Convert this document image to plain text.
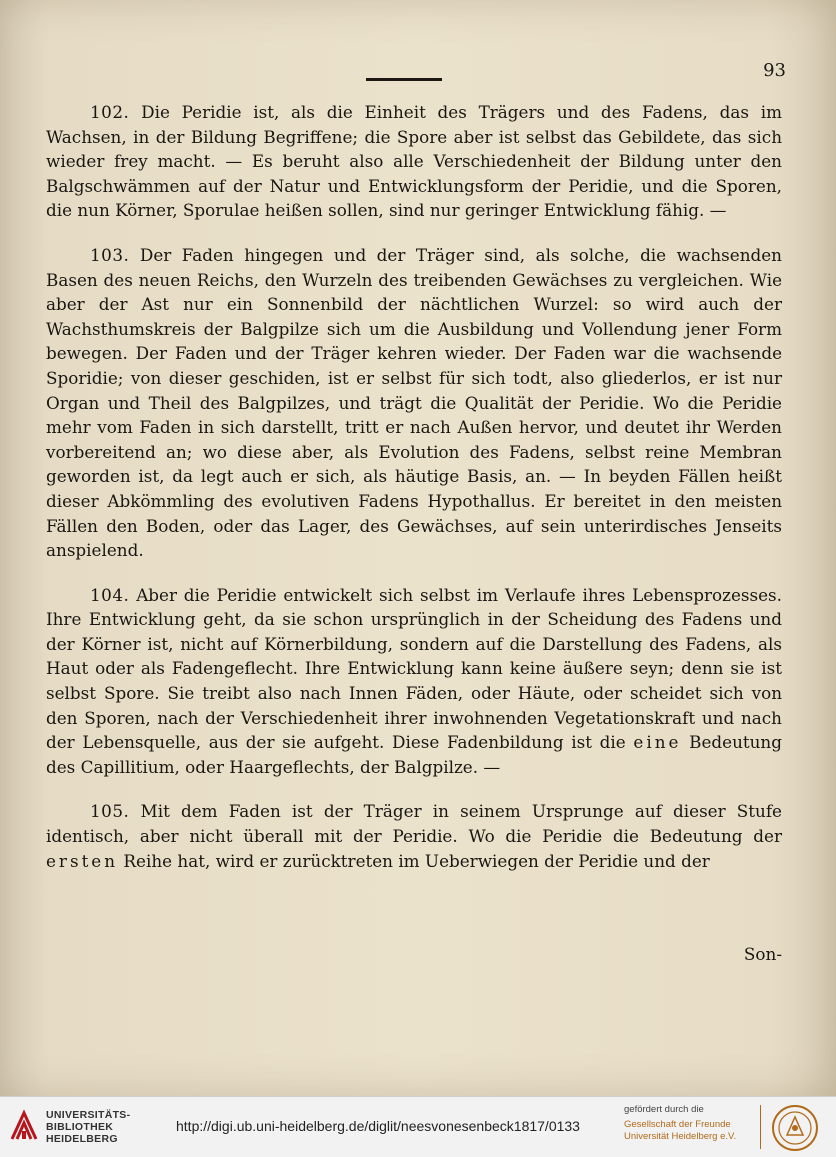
93

102. Die Peridie ist, als die Einheit des Trägers und des Fadens, das im Wachsen, in der Bildung Begriffene; die Spore aber ist selbst das Gebildete, das sich wieder frey macht. — Es beruht also alle Verschiedenheit der Bildung unter den Balgschwämmen auf der Natur und Entwicklungsform der Peridie, und die Sporen, die nun Körner, Sporulae heißen sollen, sind nur geringer Entwicklung fähig. —

103. Der Faden hingegen und der Träger sind, als solche, die wachsenden Basen des neuen Reichs, den Wurzeln des treibenden Gewächses zu vergleichen. Wie aber der Ast nur ein Sonnenbild der nächtlichen Wurzel: so wird auch der Wachsthumskreis der Balgpilze sich um die Ausbildung und Vollendung jener Form bewegen. Der Faden und der Träger kehren wieder. Der Faden war die wachsende Sporidie; von dieser geschiden, ist er selbst für sich todt, also gliederlos, er ist nur Organ und Theil des Balgpilzes, und trägt die Qualität der Peridie. Wo die Peridie mehr vom Faden in sich darstellt, tritt er nach Außen hervor, und deutet ihr Werden vorbereitend an; wo diese aber, als Evolution des Fadens, selbst reine Membran geworden ist, da legt auch er sich, als häutige Basis, an. — In beyden Fällen heißt dieser Abkömmling des evolutiven Fadens Hypothallus. Er bereitet in den meisten Fällen den Boden, oder das Lager, des Gewächses, auf sein unterirdisches Jenseits anspielend.

104. Aber die Peridie entwickelt sich selbst im Verlaufe ihres Lebensprozesses. Ihre Entwicklung geht, da sie schon ursprünglich in der Scheidung des Fadens und der Körner ist, nicht auf Körnerbildung, sondern auf die Darstellung des Fadens, als Haut oder als Fadengeflecht. Ihre Entwicklung kann keine äußere seyn; denn sie ist selbst Spore. Sie treibt also nach Innen Fäden, oder Häute, oder scheidet sich von den Sporen, nach der Verschiedenheit ihrer inwohnenden Vegetationskraft und nach der Lebensquelle, aus der sie aufgeht. Diese Fadenbildung ist die eine Bedeutung des Capillitium, oder Haargeflechts, der Balgpilze. —

105. Mit dem Faden ist der Träger in seinem Ursprunge auf dieser Stufe identisch, aber nicht überall mit der Peridie. Wo die Peridie die Bedeutung der ersten Reihe hat, wird er zurücktreten im Ueberwiegen der Peridie und der

Son-
UNIVERSITÄTS-
BIBLIOTHEK
HEIDELBERG
http://digi.ub.uni-heidelberg.de/diglit/neesvonesenbeck1817/0133
gefördert durch die
Gesellschaft der Freunde
Universität Heidelberg e.V.
